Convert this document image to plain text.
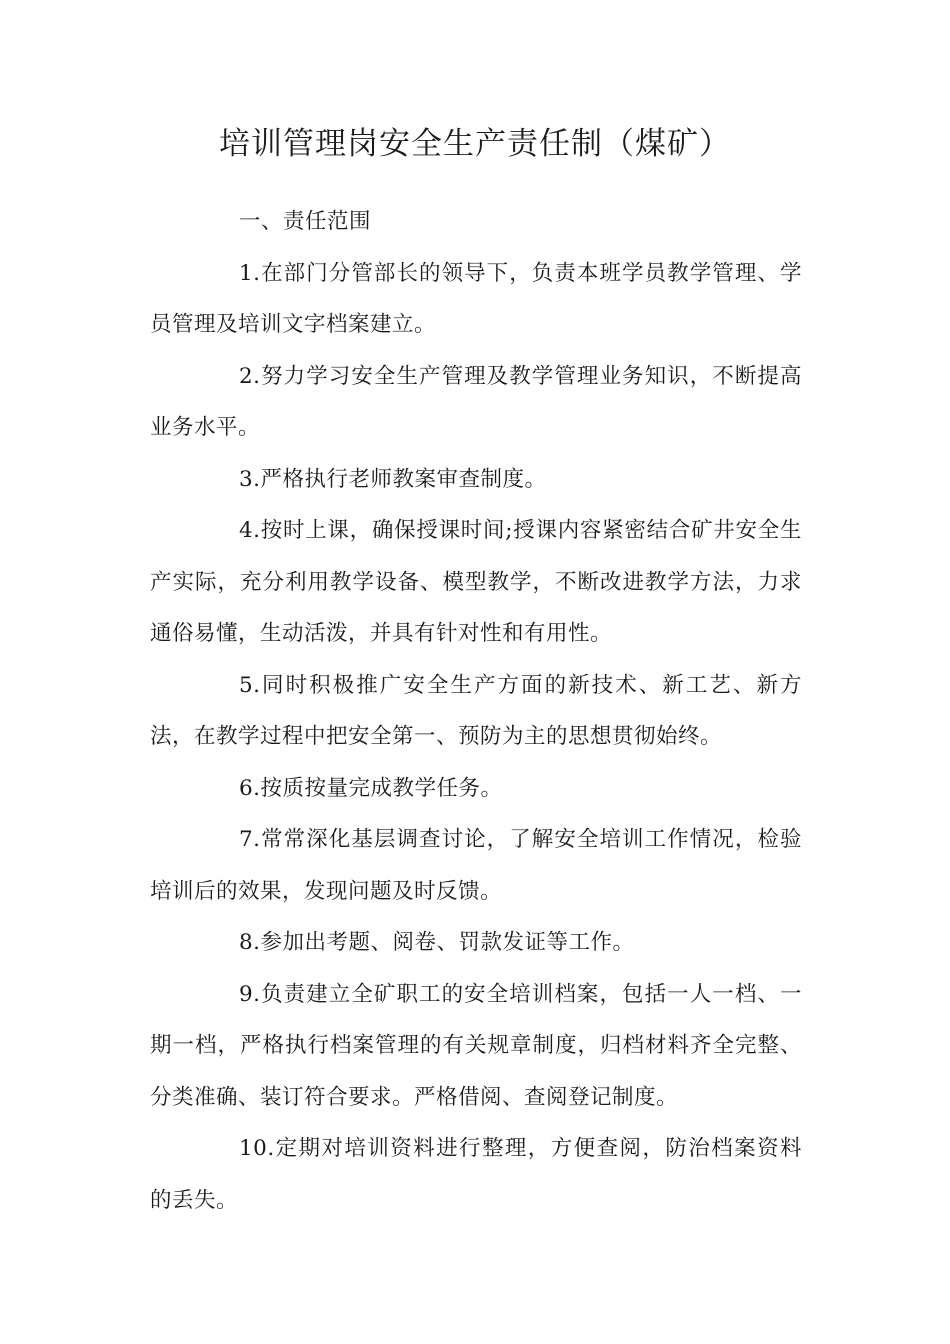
培训管理岗安全生产责任制（煤矿）

一、责任范围

1.在部门分管部长的领导下，负责本班学员教学管理、学员管理及培训文字档案建立。

2.努力学习安全生产管理及教学管理业务知识，不断提高业务水平。

3.严格执行老师教案审查制度。

4.按时上课，确保授课时间;授课内容紧密结合矿井安全生产实际，充分利用教学设备、模型教学，不断改进教学方法，力求通俗易懂，生动活泼，并具有针对性和有用性。

5.同时积极推广安全生产方面的新技术、新工艺、新方法，在教学过程中把安全第一、预防为主的思想贯彻始终。

6.按质按量完成教学任务。

7.常常深化基层调查讨论，了解安全培训工作情况，检验培训后的效果，发现问题及时反馈。

8.参加出考题、阅卷、罚款发证等工作。

9.负责建立全矿职工的安全培训档案，包括一人一档、一期一档，严格执行档案管理的有关规章制度，归档材料齐全完整、分类准确、装订符合要求。严格借阅、查阅登记制度。

10.定期对培训资料进行整理，方便查阅，防治档案资料的丢失。
